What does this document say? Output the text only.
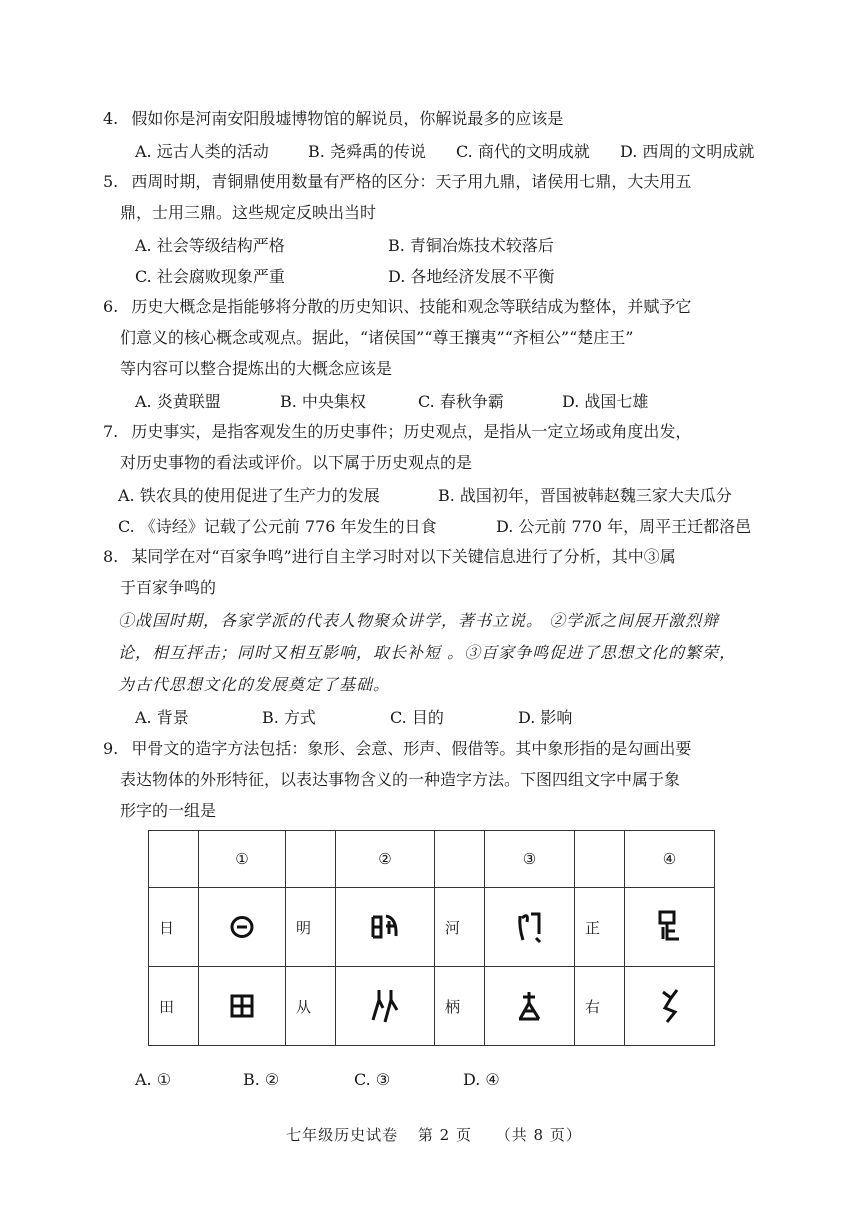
4. 假如你是河南安阳殷墟博物馆的解说员，你解说最多的应该是
A. 远古人类的活动 B. 尧舜禹的传说 C. 商代的文明成就 D. 西周的文明成就
5. 西周时期，青铜鼎使用数量有严格的区分：天子用九鼎，诸侯用七鼎，大夫用五
鼎，士用三鼎。这些规定反映出当时
A. 社会等级结构严格	B. 青铜冶炼技术较落后
C. 社会腐败现象严重	D. 各地经济发展不平衡
6. 历史大概念是指能够将分散的历史知识、技能和观念等联结成为整体，并赋予它
们意义的核心概念或观点。据此，“诸侯国”“尊王攘夷”“齐桓公”“楚庄王”
等内容可以整合提炼出的大概念应该是
A. 炎黄联盟	B. 中央集权	C. 春秋争霸	D. 战国七雄
7. 历史事实，是指客观发生的历史事件；历史观点，是指从一定立场或角度出发，
对历史事物的看法或评价。以下属于历史观点的是
A. 铁农具的使用促进了生产力的发展	B. 战国初年，晋国被韩赵魏三家大夫瓜分
C. 《诗经》记载了公元前 776 年发生的日食	D. 公元前 770 年，周平王迁都洛邑
8. 某同学在对“百家争鸣”进行自主学习时对以下关键信息进行了分析，其中③属
于百家争鸣的
①战国时期，各家学派的代表人物聚众讲学，著书立说。 ②学派之间展开激烈辩
论，相互抨击；同时又相互影响，取长补短 。③百家争鸣促进了思想文化的繁荣，
为古代思想文化的发展奠定了基础。
A. 背景	B. 方式	C. 目的	D. 影响
9. 甲骨文的造字方法包括：象形、会意、形声、假借等。其中象形指的是勾画出要
表达物体的外形特征，以表达事物含义的一种造字方法。下图四组文字中属于象
形字的一组是
	①		②		③		④
日		明		河		正	

田		从		柄		右	
A. ①	B. ②	C. ③	D. ④
七年级历史试卷 第 2 页 （共 8 页）
